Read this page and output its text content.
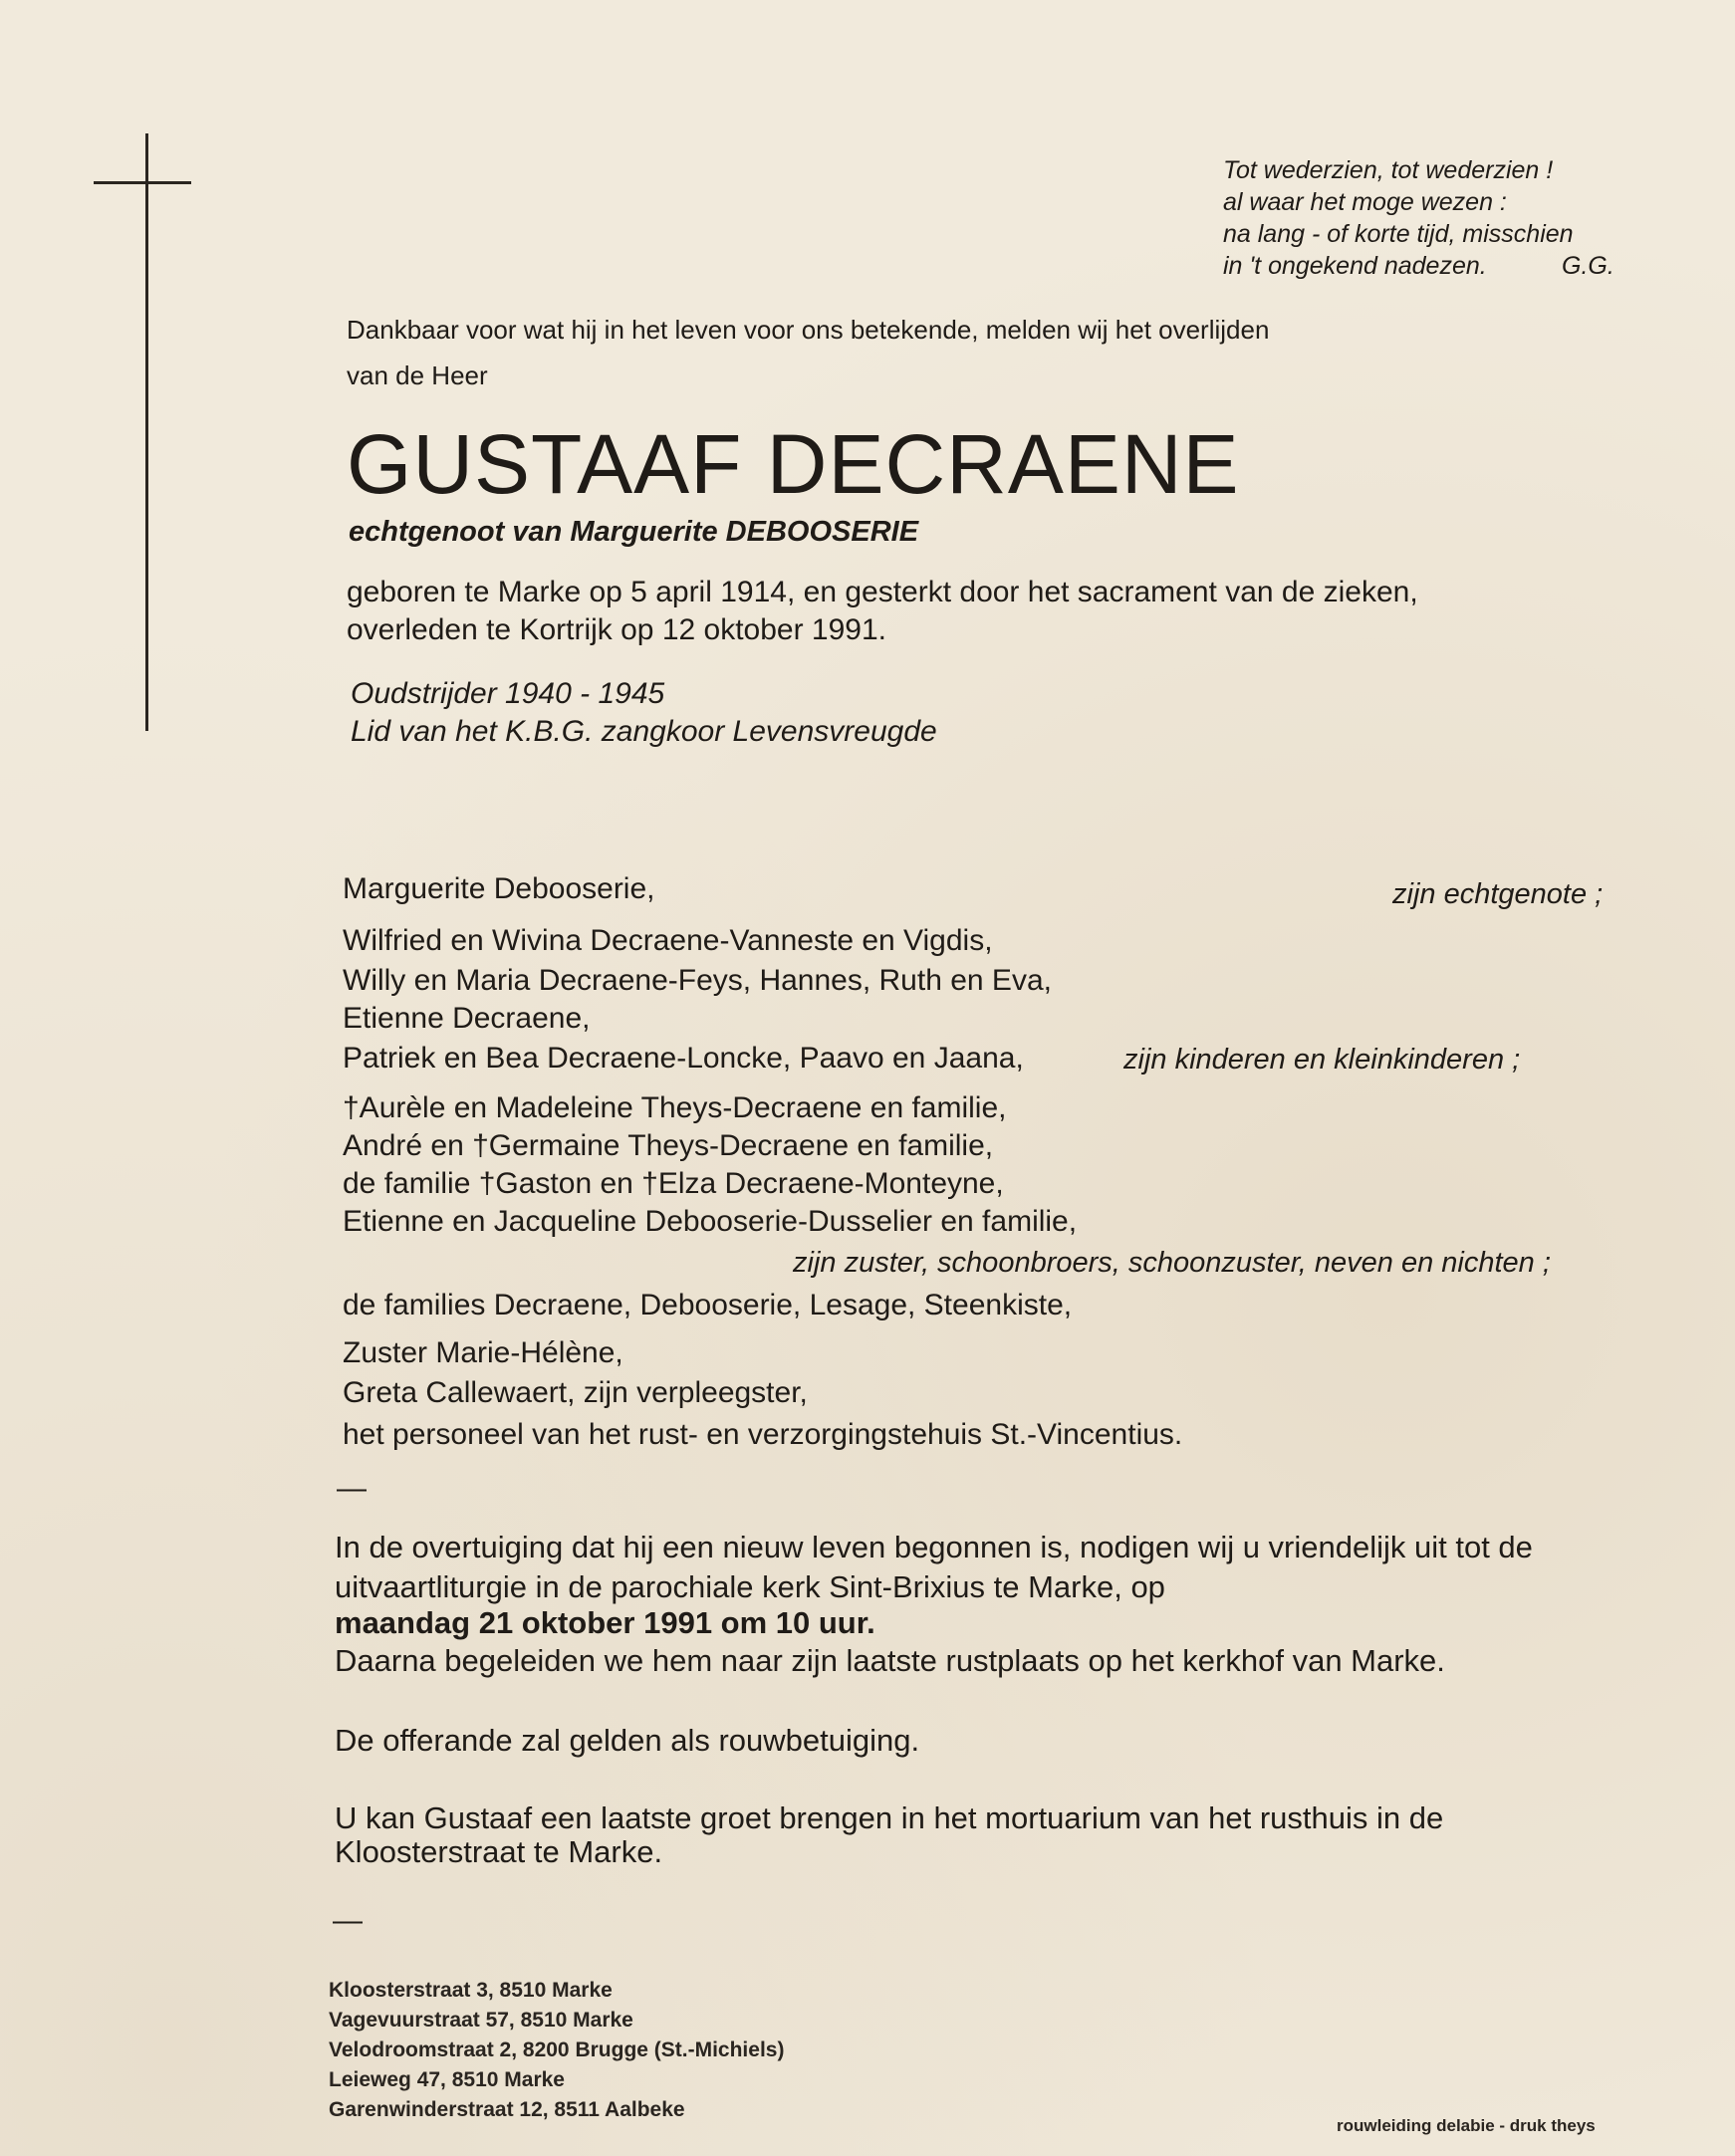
Tot wederzien, tot wederzien !
al waar het moge wezen :
na lang - of korte tijd, misschien
in 't ongekend nadezen.	G.G.
Dankbaar voor wat hij in het leven voor ons betekende, melden wij het overlijden
van de Heer
GUSTAAF DECRAENE
echtgenoot van Marguerite DEBOOSERIE
geboren te Marke op 5 april 1914, en gesterkt door het sacrament van de zieken,
overleden te Kortrijk op 12 oktober 1991.
Oudstrijder 1940 - 1945
Lid van het K.B.G. zangkoor Levensvreugde
Marguerite Debooserie,	zijn echtgenote ;
Wilfried en Wivina Decraene-Vanneste en Vigdis,
Willy en Maria Decraene-Feys, Hannes, Ruth en Eva,
Etienne Decraene,
Patriek en Bea Decraene-Loncke, Paavo en Jaana,	zijn kinderen en kleinkinderen ;
†Aurèle en Madeleine Theys-Decraene en familie,
André en †Germaine Theys-Decraene en familie,
de familie †Gaston en †Elza Decraene-Monteyne,
Etienne en Jacqueline Debooserie-Dusselier en familie,
zijn zuster, schoonbroers, schoonzuster, neven en nichten ;
de families Decraene, Debooserie, Lesage, Steenkiste,
Zuster Marie-Hélène,
Greta Callewaert, zijn verpleegster,
het personeel van het rust- en verzorgingstehuis St.-Vincentius.
—
In de overtuiging dat hij een nieuw leven begonnen is, nodigen wij u vriendelijk uit tot de
uitvaartliturgie in de parochiale kerk Sint-Brixius te Marke, op
maandag 21 oktober 1991 om 10 uur.
Daarna begeleiden we hem naar zijn laatste rustplaats op het kerkhof van Marke.
De offerande zal gelden als rouwbetuiging.
U kan Gustaaf een laatste groet brengen in het mortuarium van het rusthuis in de
Kloosterstraat te Marke.
—
Kloosterstraat 3, 8510 Marke
Vagevuurstraat 57, 8510 Marke
Velodroomstraat 2, 8200 Brugge (St.-Michiels)
Leieweg 47, 8510 Marke
Garenwinderstraat 12, 8511 Aalbeke
rouwleiding delabie - druk theys
